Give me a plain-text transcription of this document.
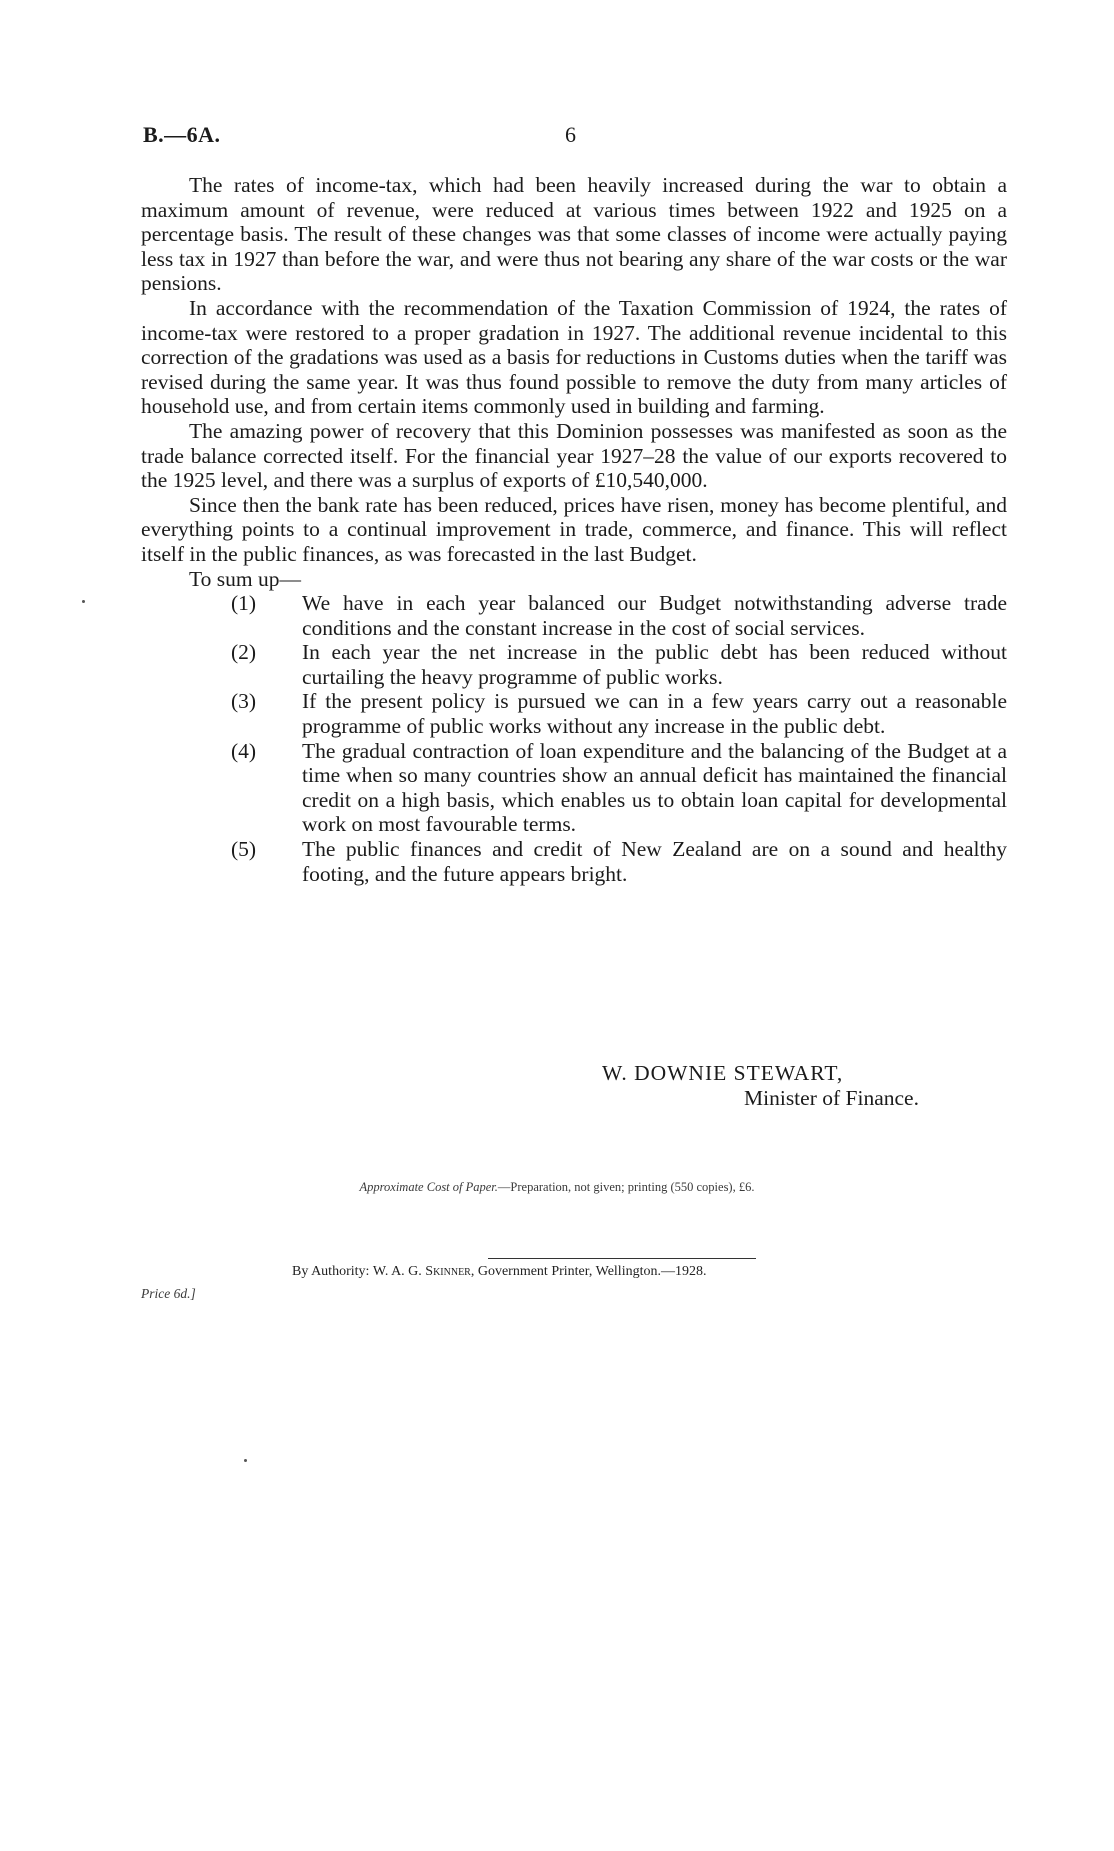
B.—6A.	6

The rates of income-tax, which had been heavily increased during the war to obtain a maximum amount of revenue, were reduced at various times between 1922 and 1925 on a percentage basis. The result of these changes was that some classes of income were actually paying less tax in 1927 than before the war, and were thus not bearing any share of the war costs or the war pensions.

In accordance with the recommendation of the Taxation Commission of 1924, the rates of income-tax were restored to a proper gradation in 1927. The additional revenue incidental to this correction of the gradations was used as a basis for reductions in Customs duties when the tariff was revised during the same year. It was thus found possible to remove the duty from many articles of household use, and from certain items commonly used in building and farming.

The amazing power of recovery that this Dominion possesses was manifested as soon as the trade balance corrected itself. For the financial year 1927–28 the value of our exports recovered to the 1925 level, and there was a surplus of exports of £10,540,000.

Since then the bank rate has been reduced, prices have risen, money has become plentiful, and everything points to a continual improvement in trade, commerce, and finance. This will reflect itself in the public finances, as was forecasted in the last Budget.

To sum up—
(1) We have in each year balanced our Budget notwithstanding adverse trade conditions and the constant increase in the cost of social services.
(2) In each year the net increase in the public debt has been reduced without curtailing the heavy programme of public works.
(3) If the present policy is pursued we can in a few years carry out a reasonable programme of public works without any increase in the public debt.
(4) The gradual contraction of loan expenditure and the balancing of the Budget at a time when so many countries show an annual deficit has maintained the financial credit on a high basis, which enables us to obtain loan capital for developmental work on most favourable terms.
(5) The public finances and credit of New Zealand are on a sound and healthy footing, and the future appears bright.
W. DOWNIE STEWART,
Minister of Finance.
Approximate Cost of Paper.—Preparation, not given; printing (550 copies), £6.
By Authority: W. A. G. Skinner, Government Printer, Wellington.—1928.
Price 6d.]
